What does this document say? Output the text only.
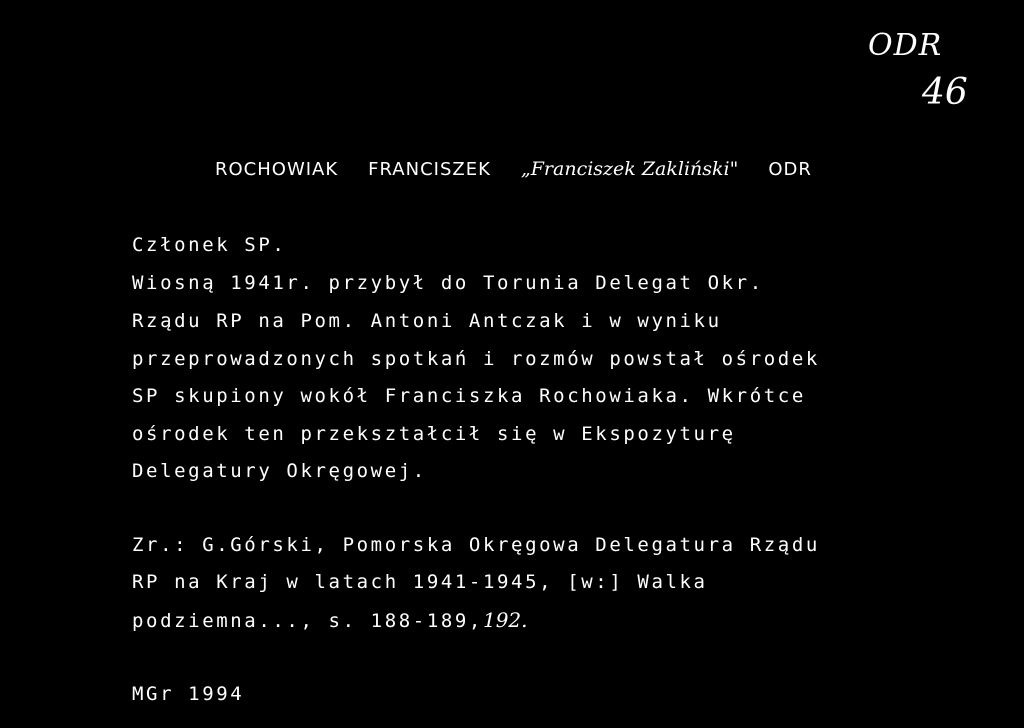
ODR
46
ROCHOWIAK FRANCISZEK „Franciszek Zakliński" ODR
Członek SP.
Wiosną 1941r. przybył do Torunia Delegat Okr.
Rządu RP na Pom. Antoni Antczak i w wyniku
przeprowadzonych spotkań i rozmów powstał ośrodek
SP skupiony wokół Franciszka Rochowiaka. Wkrótce
ośrodek ten przekształcił się w Ekspozyturę
Delegatury Okręgowej.
Zr.: G.Górski, Pomorska Okręgowa Delegatura Rządu
RP na Kraj w latach 1941-1945, [w:] Walka
podziemna..., s. 188-189,192.
MGr 1994
